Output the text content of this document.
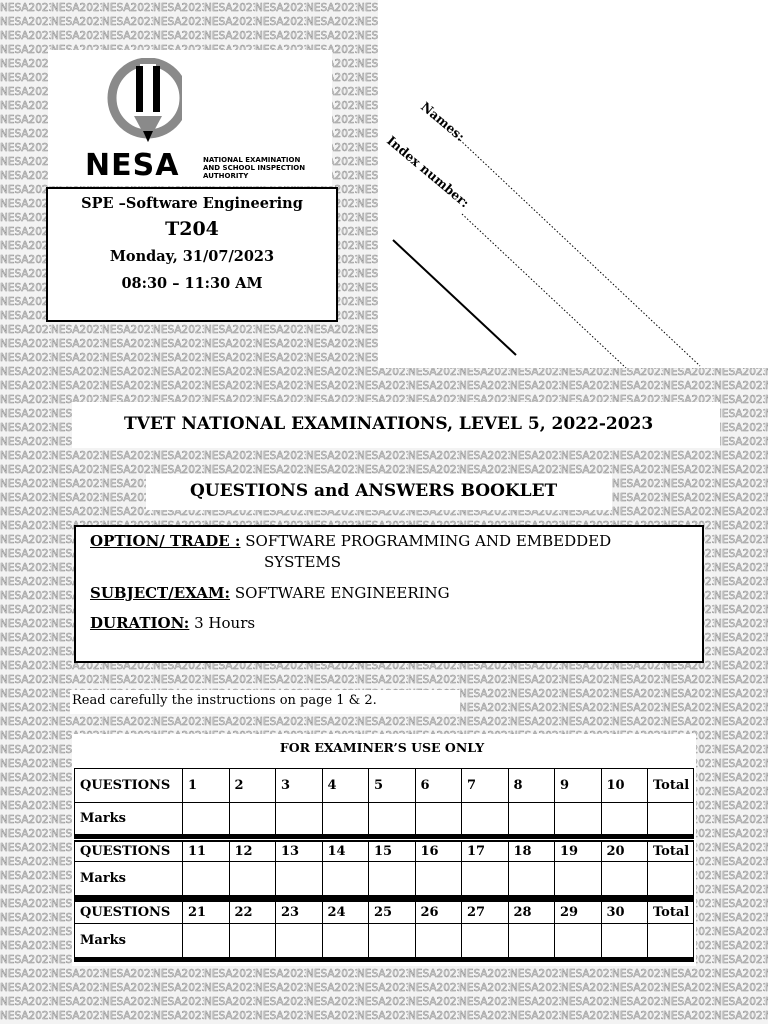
NESA	NATIONAL EXAMINATION
AND SCHOOL INSPECTION
AUTHORITY
SPE –Software Engineering
T204
Monday, 31/07/2023
08:30 – 11:30 AM
Names:
Index number:
TVET NATIONAL EXAMINATIONS, LEVEL 5, 2022-2023
QUESTIONS and ANSWERS BOOKLET
OPTION/ TRADE : SOFTWARE PROGRAMMING AND EMBEDDED
SYSTEMS
SUBJECT/EXAM: SOFTWARE ENGINEERING
DURATION: 3 Hours
Read carefully the instructions on page 1 & 2.
FOR EXAMINER’S USE ONLY
QUESTIONS	1	2	3	4	5	6	7	8	9	10	Total
Marks											
QUESTIONS	11	12	13	14	15	16	17	18	19	20	Total
Marks											
QUESTIONS	21	22	23	24	25	26	27	28	29	30	Total
Marks											
